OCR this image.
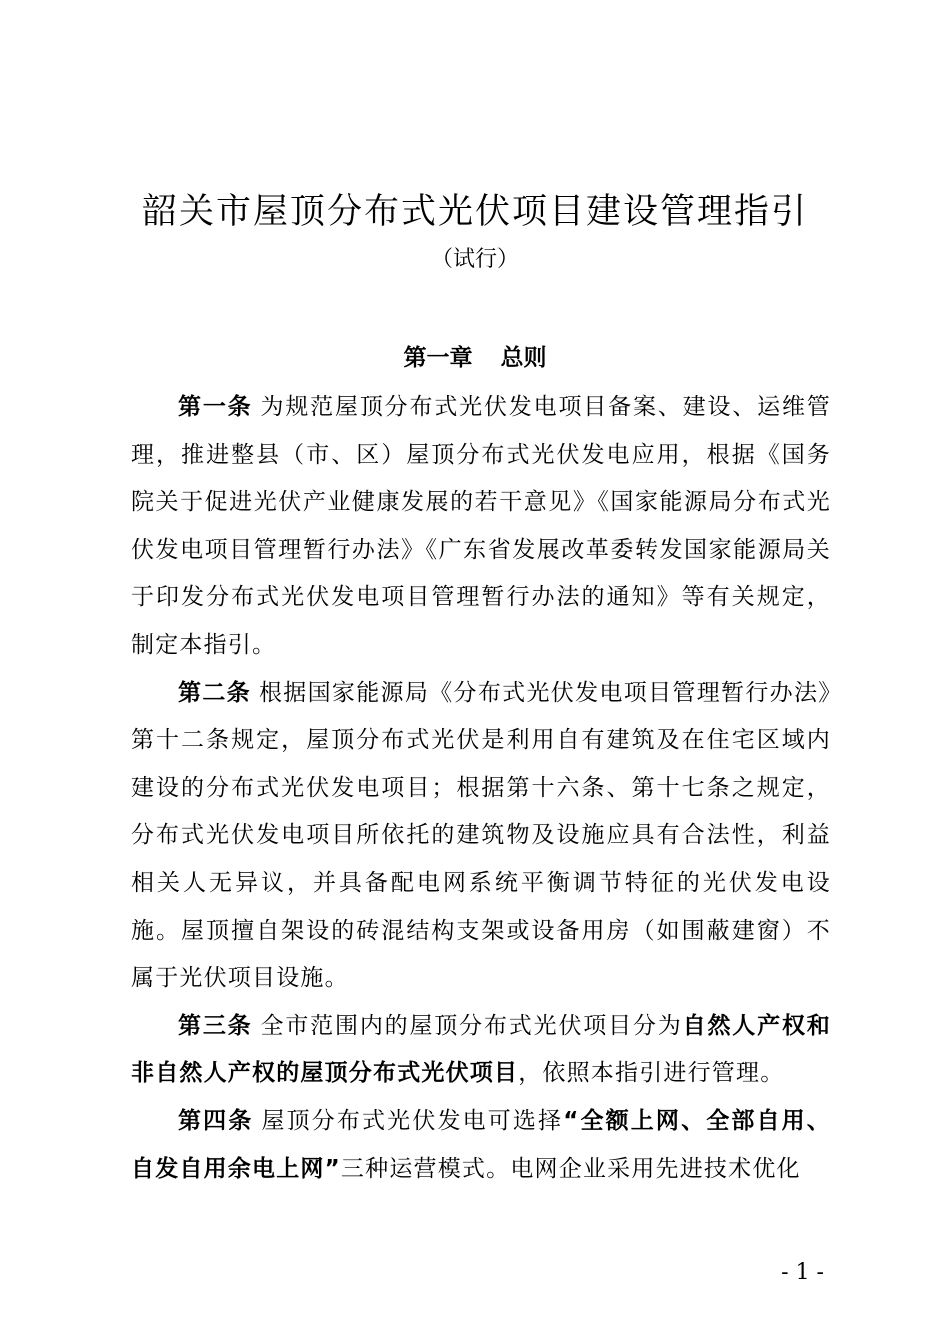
韶关市屋顶分布式光伏项目建设管理指引
（试行）
第一章 总则

第一条 为规范屋顶分布式光伏发电项目备案、建设、运维管理，推进整县（市、区）屋顶分布式光伏发电应用，根据《国务院关于促进光伏产业健康发展的若干意见》《国家能源局分布式光伏发电项目管理暂行办法》《广东省发展改革委转发国家能源局关于印发分布式光伏发电项目管理暂行办法的通知》等有关规定，制定本指引。

第二条 根据国家能源局《分布式光伏发电项目管理暂行办法》第十二条规定，屋顶分布式光伏是利用自有建筑及在住宅区域内建设的分布式光伏发电项目；根据第十六条、第十七条之规定，分布式光伏发电项目所依托的建筑物及设施应具有合法性，利益相关人无异议，并具备配电网系统平衡调节特征的光伏发电设施。屋顶擅自架设的砖混结构支架或设备用房（如围蔽建窗）不属于光伏项目设施。

第三条 全市范围内的屋顶分布式光伏项目分为自然人产权和非自然人产权的屋顶分布式光伏项目，依照本指引进行管理。

第四条 屋顶分布式光伏发电可选择“全额上网、全部自用、自发自用余电上网”三种运营模式。电网企业采用先进技术优化

- 1 -
